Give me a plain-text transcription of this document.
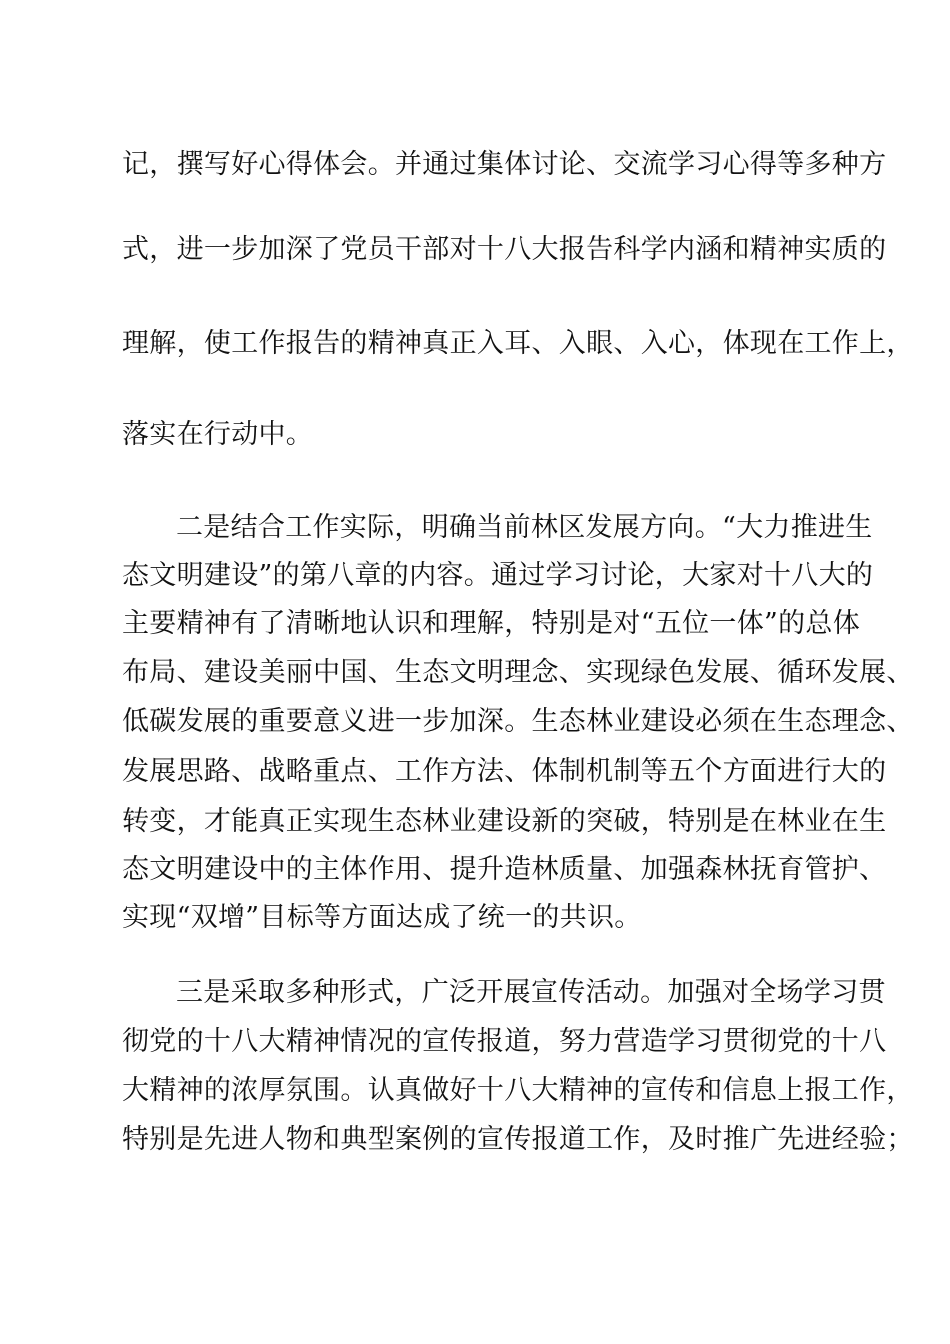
记，撰写好心得体会。并通过集体讨论、交流学习心得等多种方
式，进一步加深了党员干部对十八大报告科学内涵和精神实质的
理解，使工作报告的精神真正入耳、入眼、入心，体现在工作上，
落实在行动中。
二是结合工作实际，明确当前林区发展方向。“大力推进生
态文明建设”的第八章的内容。通过学习讨论，大家对十八大的
主要精神有了清晰地认识和理解，特别是对“五位一体”的总体
布局、建设美丽中国、生态文明理念、实现绿色发展、循环发展、
低碳发展的重要意义进一步加深。生态林业建设必须在生态理念、
发展思路、战略重点、工作方法、体制机制等五个方面进行大的
转变，才能真正实现生态林业建设新的突破，特别是在林业在生
态文明建设中的主体作用、提升造林质量、加强森林抚育管护、
实现“双增”目标等方面达成了统一的共识。
三是采取多种形式，广泛开展宣传活动。加强对全场学习贯
彻党的十八大精神情况的宣传报道，努力营造学习贯彻党的十八
大精神的浓厚氛围。认真做好十八大精神的宣传和信息上报工作，
特别是先进人物和典型案例的宣传报道工作，及时推广先进经验；
